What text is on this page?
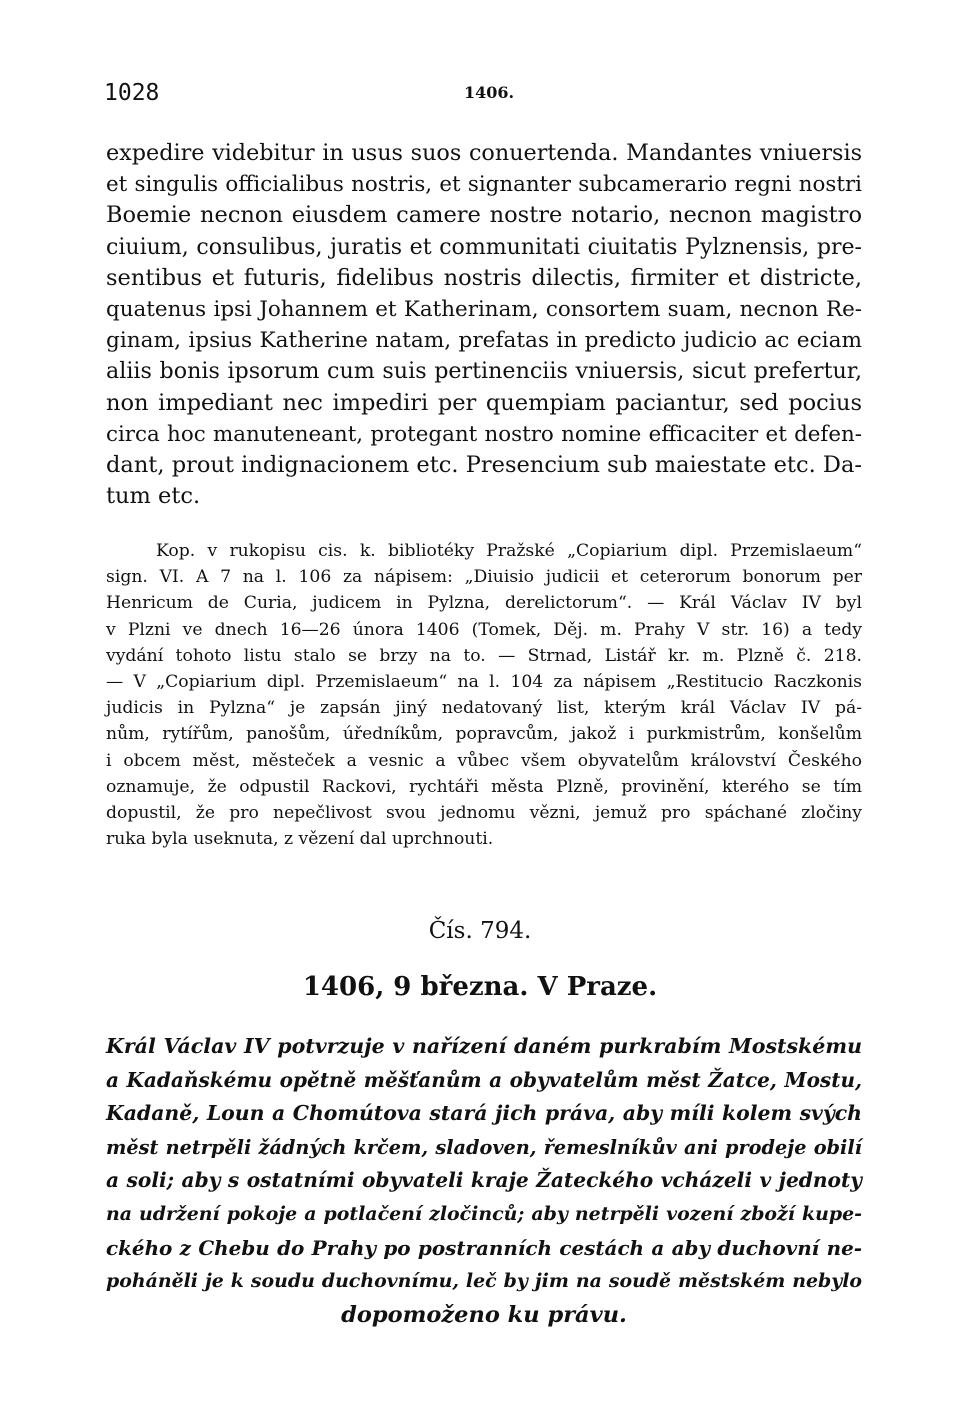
1028	1406.
expedire videbitur in usus suos conuertenda. Mandantes vniuersis
et singulis officialibus nostris, et signanter subcamerario regni nostri
Boemie necnon eiusdem camere nostre notario, necnon magistro
ciuium, consulibus, juratis et communitati ciuitatis Pylznensis, pre-
sentibus et futuris, fidelibus nostris dilectis, firmiter et districte,
quatenus ipsi Johannem et Katherinam, consortem suam, necnon Re-
ginam, ipsius Katherine natam, prefatas in predicto judicio ac eciam
aliis bonis ipsorum cum suis pertinenciis vniuersis, sicut prefertur,
non impediant nec impediri per quempiam paciantur, sed pocius
circa hoc manuteneant, protegant nostro nomine efficaciter et defen-
dant, prout indignacionem etc. Presencium sub maiestate etc. Da-
tum etc.
Kop. v rukopisu cis. k. bibliotéky Pražské „Copiarium dipl. Przemislaeum“
sign. VI. A 7 na l. 106 za nápisem: „Diuisio judicii et ceterorum bonorum per
Henricum de Curia, judicem in Pylzna, derelictorum“. — Král Václav IV byl
v Plzni ve dnech 16—26 února 1406 (Tomek, Děj. m. Prahy V str. 16) a tedy
vydání tohoto listu stalo se brzy na to. — Strnad, Listář kr. m. Plzně č. 218.
— V „Copiarium dipl. Przemislaeum“ na l. 104 za nápisem „Restitucio Raczkonis
judicis in Pylzna“ je zapsán jiný nedatovaný list, kterým král Václav IV pá-
nům, rytířům, panošům, úředníkům, popravcům, jakož i purkmistrům, konšelům
i obcem měst, městeček a vesnic a vůbec všem obyvatelům království Českého
oznamuje, že odpustil Rackovi, rychtáři města Plzně, provinění, kterého se tím
dopustil, že pro nepečlivost svou jednomu vězni, jemuž pro spáchané zločiny
ruka byla useknuta, z vězení dal uprchnouti.
Čís. 794.
1406, 9 března. V Praze.
Král Václav IV potvrzuje v nařízení daném purkrabím Mostskému
a Kadaňskému opětně měšťanům a obyvatelům měst Žatce, Mostu,
Kadaně, Loun a Chomútova stará jich práva, aby míli kolem svých
měst netrpěli žádných krčem, sladoven, řemeslníkův ani prodeje obilí
a soli; aby s ostatními obyvateli kraje Žateckého vcházeli v jednoty
na udržení pokoje a potlačení zločinců; aby netrpěli vození zboží kupe-
ckého z Chebu do Prahy po postranních cestách a aby duchovní ne-
poháněli je k soudu duchovnímu, leč by jim na soudě městském nebylo
dopomoženo ku právu.
